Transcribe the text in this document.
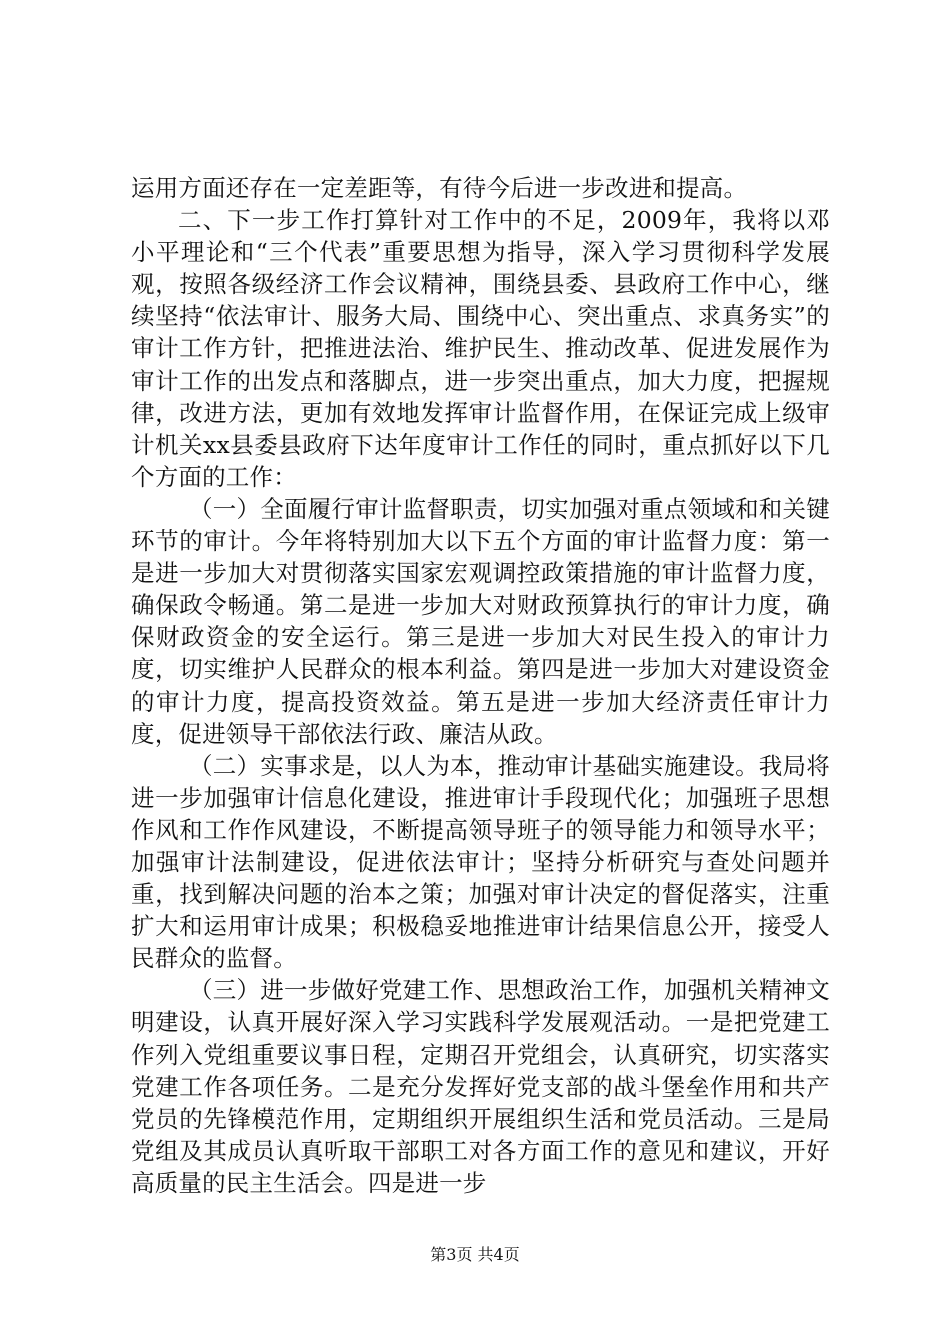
运用方面还存在一定差距等，有待今后进一步改进和提高。

二、下一步工作打算针对工作中的不足，2009年，我将以邓小平理论和“三个代表”重要思想为指导，深入学习贯彻科学发展观，按照各级经济工作会议精神，围绕县委、县政府工作中心，继续坚持“依法审计、服务大局、围绕中心、突出重点、求真务实”的审计工作方针，把推进法治、维护民生、推动改革、促进发展作为审计工作的出发点和落脚点，进一步突出重点，加大力度，把握规律，改进方法，更加有效地发挥审计监督作用，在保证完成上级审计机关xx县委县政府下达年度审计工作任的同时，重点抓好以下几个方面的工作：

（一）全面履行审计监督职责，切实加强对重点领域和和关键环节的审计。今年将特别加大以下五个方面的审计监督力度：第一是进一步加大对贯彻落实国家宏观调控政策措施的审计监督力度，确保政令畅通。第二是进一步加大对财政预算执行的审计力度，确保财政资金的安全运行。第三是进一步加大对民生投入的审计力度，切实维护人民群众的根本利益。第四是进一步加大对建设资金的审计力度，提高投资效益。第五是进一步加大经济责任审计力度，促进领导干部依法行政、廉洁从政。

（二）实事求是，以人为本，推动审计基础实施建设。我局将进一步加强审计信息化建设，推进审计手段现代化；加强班子思想作风和工作作风建设，不断提高领导班子的领导能力和领导水平；加强审计法制建设，促进依法审计；坚持分析研究与查处问题并重，找到解决问题的治本之策；加强对审计决定的督促落实，注重扩大和运用审计成果；积极稳妥地推进审计结果信息公开，接受人民群众的监督。

（三）进一步做好党建工作、思想政治工作，加强机关精神文明建设，认真开展好深入学习实践科学发展观活动。一是把党建工作列入党组重要议事日程，定期召开党组会，认真研究，切实落实党建工作各项任务。二是充分发挥好党支部的战斗堡垒作用和共产党员的先锋模范作用，定期组织开展组织生活和党员活动。三是局党组及其成员认真听取干部职工对各方面工作的意见和建议，开好高质量的民主生活会。四是进一步

第3页 共4页
